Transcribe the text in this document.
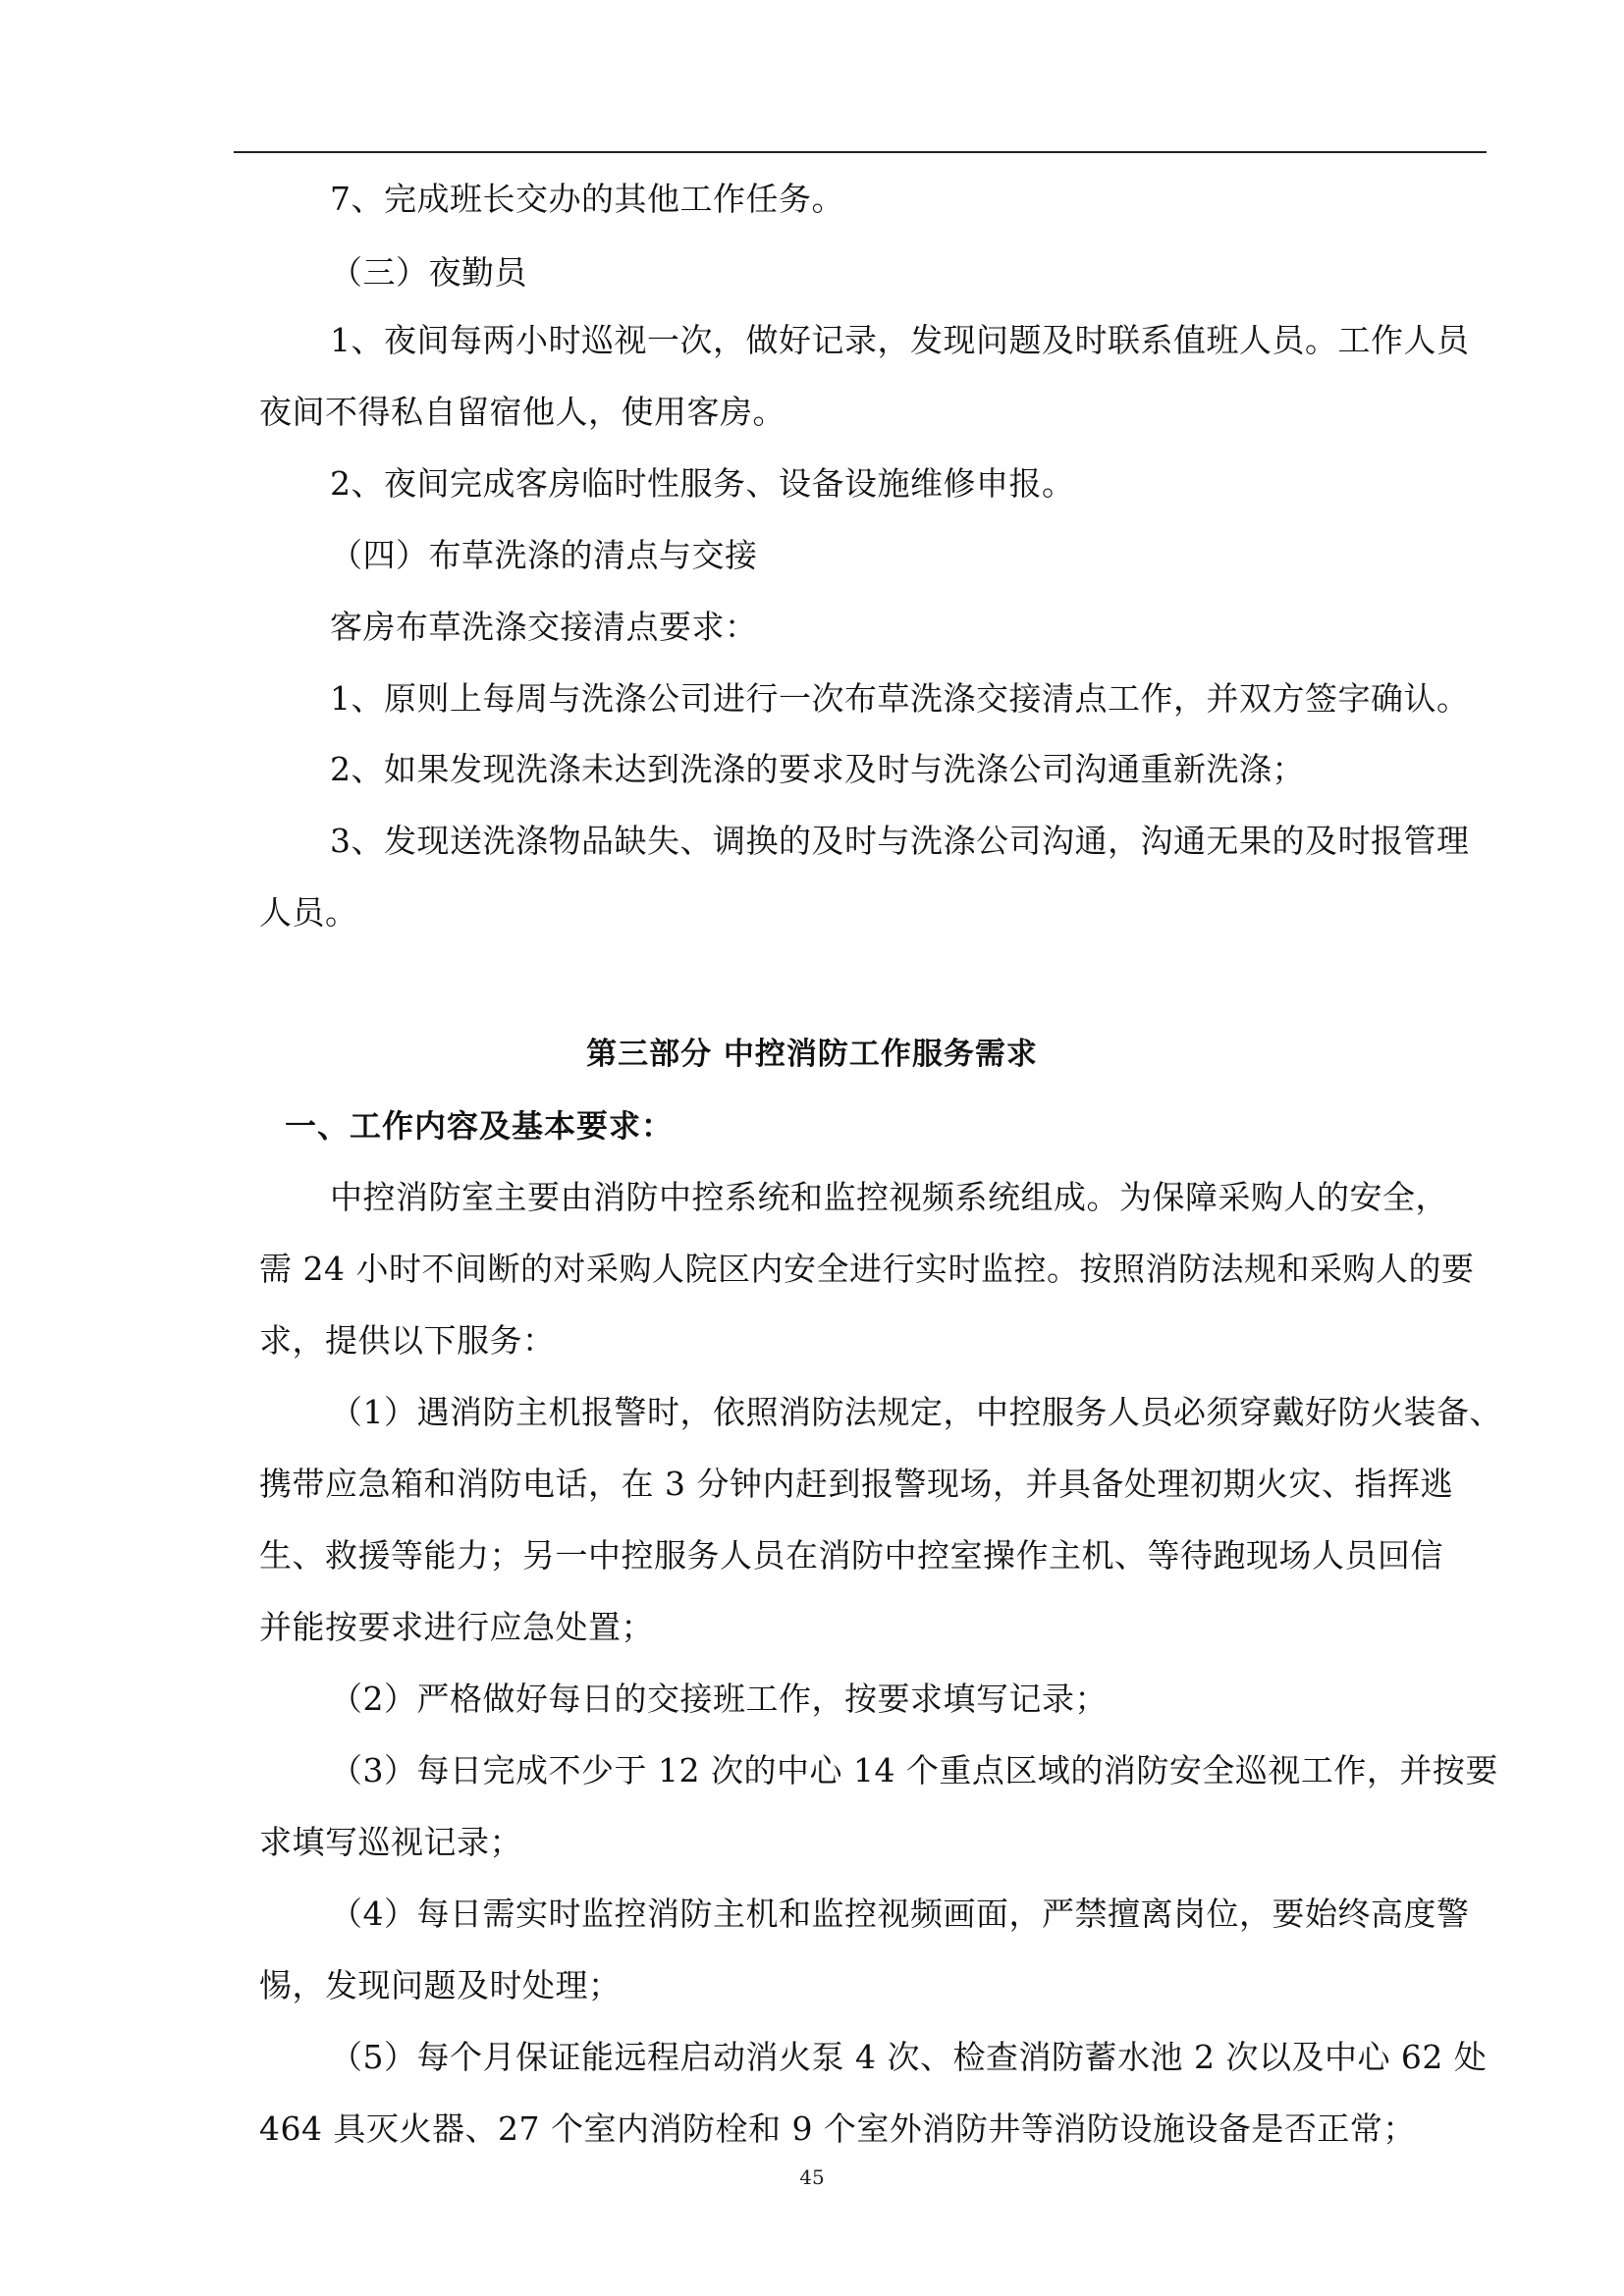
7、完成班长交办的其他工作任务。
（三）夜勤员
1、夜间每两小时巡视一次，做好记录，发现问题及时联系值班人员。工作人员
夜间不得私自留宿他人，使用客房。
2、夜间完成客房临时性服务、设备设施维修申报。
（四）布草洗涤的清点与交接
客房布草洗涤交接清点要求：
1、原则上每周与洗涤公司进行一次布草洗涤交接清点工作，并双方签字确认。
2、如果发现洗涤未达到洗涤的要求及时与洗涤公司沟通重新洗涤；
3、发现送洗涤物品缺失、调换的及时与洗涤公司沟通，沟通无果的及时报管理
人员。
第三部分 中控消防工作服务需求
一、工作内容及基本要求：
中控消防室主要由消防中控系统和监控视频系统组成。为保障采购人的安全，
需 24 小时不间断的对采购人院区内安全进行实时监控。按照消防法规和采购人的要
求，提供以下服务：
（1）遇消防主机报警时，依照消防法规定，中控服务人员必须穿戴好防火装备、
携带应急箱和消防电话，在 3 分钟内赶到报警现场，并具备处理初期火灾、指挥逃
生、救援等能力；另一中控服务人员在消防中控室操作主机、等待跑现场人员回信
并能按要求进行应急处置；
（2）严格做好每日的交接班工作，按要求填写记录；
（3）每日完成不少于 12 次的中心 14 个重点区域的消防安全巡视工作，并按要
求填写巡视记录；
（4）每日需实时监控消防主机和监控视频画面，严禁擅离岗位，要始终高度警
惕，发现问题及时处理；
（5）每个月保证能远程启动消火泵 4 次、检查消防蓄水池 2 次以及中心 62 处
464 具灭火器、27 个室内消防栓和 9 个室外消防井等消防设施设备是否正常；
45
